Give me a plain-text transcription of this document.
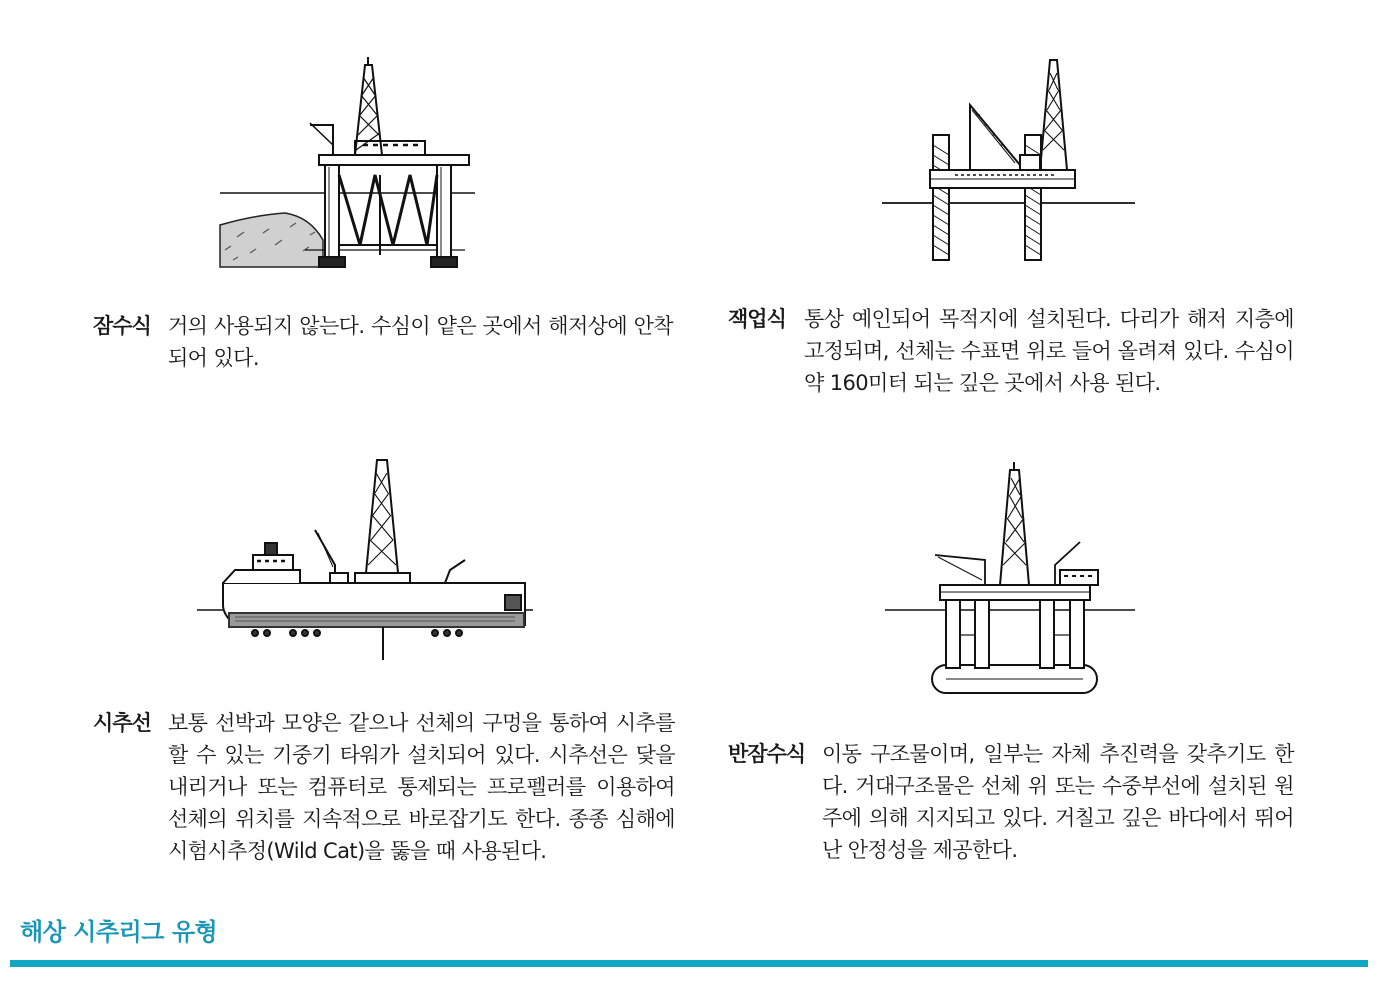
잠수식 거의 사용되지 않는다. 수심이 얕은 곳에서 해저상에 안착되어 있다.
잭업식 통상 예인되어 목적지에 설치된다. 다리가 해저 지층에 고정되며, 선체는 수표면 위로 들어 올려져 있다. 수심이 약 160미터 되는 깊은 곳에서 사용 된다.
시추선 보통 선박과 모양은 같으나 선체의 구멍을 통하여 시추를 할 수 있는 기중기 타워가 설치되어 있다. 시추선은 닻을 내리거나 또는 컴퓨터로 통제되는 프로펠러를 이용하여 선체의 위치를 지속적으로 바로잡기도 한다. 종종 심해에 시험시추정(Wild Cat)을 뚫을 때 사용된다.
반잠수식 이동 구조물이며, 일부는 자체 추진력을 갖추기도 한다. 거대구조물은 선체 위 또는 수중부선에 설치된 원주에 의해 지지되고 있다. 거칠고 깊은 바다에서 뛰어난 안정성을 제공한다.
해상 시추리그 유형
